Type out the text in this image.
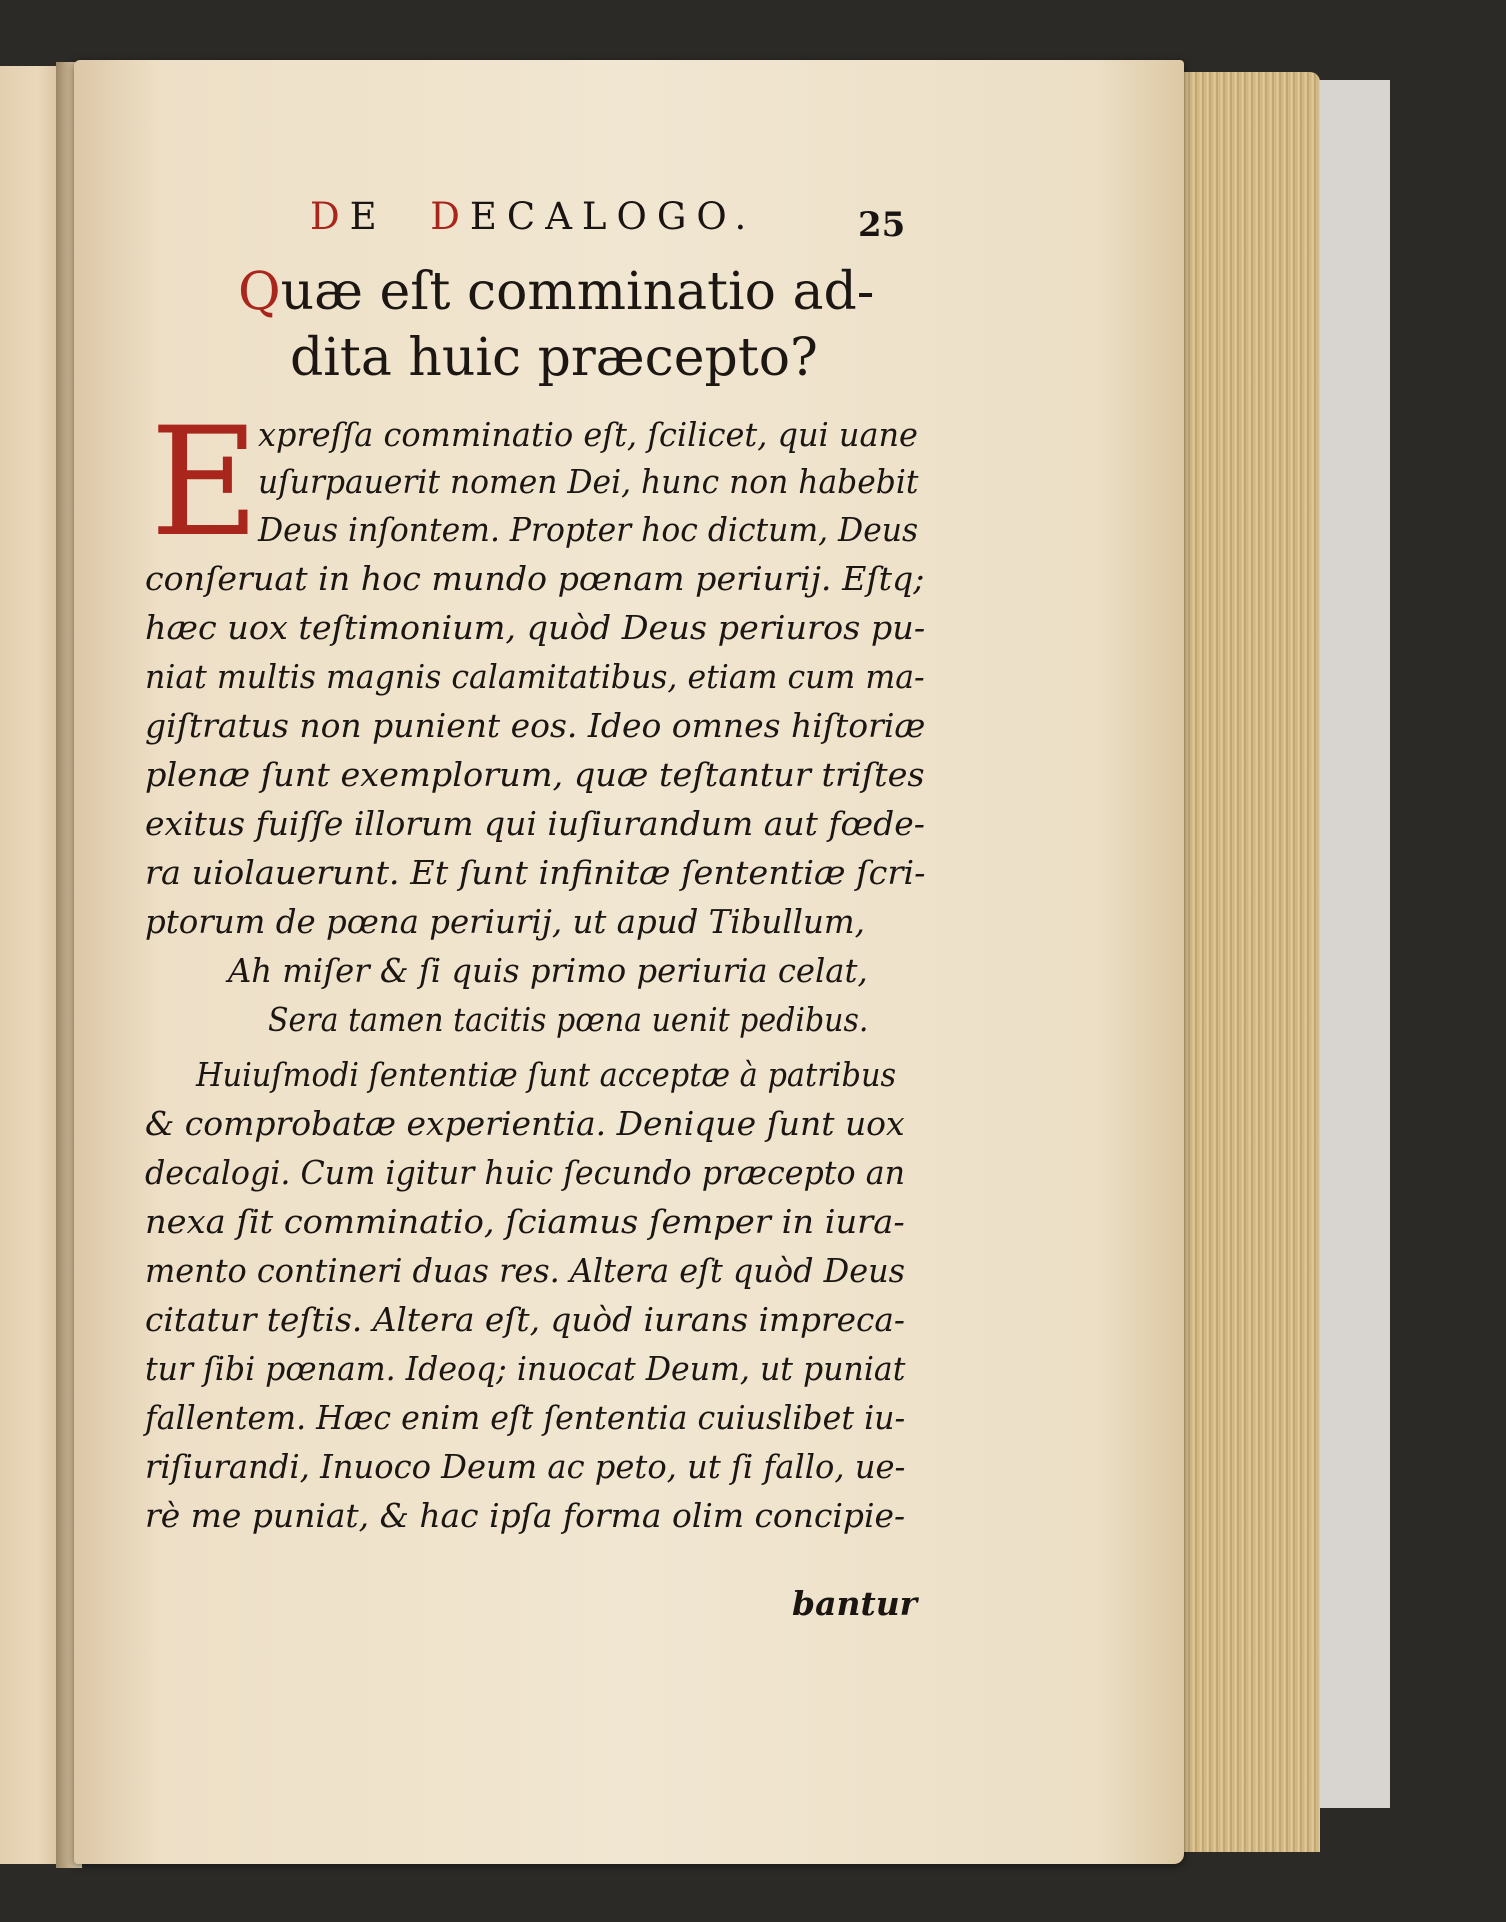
DE DECALOGO.	25
Quæ eſt comminatio ad-
dita huic præcepto?
E
xpreſſa comminatio eſt, ſcilicet, qui uane
uſurpauerit nomen Dei, hunc non habebit
Deus inſontem. Propter hoc dictum, Deus
conſeruat in hoc mundo pœnam periurij. Eſtq;
hæc uox teſtimonium, quòd Deus periuros pu-
niat multis magnis calamitatibus, etiam cum ma-
giſtratus non punient eos. Ideo omnes hiſtoriæ
plenæ ſunt exemplorum, quæ teſtantur triſtes
exitus fuiſſe illorum qui iuſiurandum aut fœde-
ra uiolauerunt. Et ſunt infinitæ ſententiæ ſcri-
ptorum de pœna periurij, ut apud Tibullum,
Ah miſer & ſi quis primo periuria celat,
Sera tamen tacitis pœna uenit pedibus.
Huiuſmodi ſententiæ ſunt acceptæ à patribus
& comprobatæ experientia. Denique ſunt uox
decalogi. Cum igitur huic ſecundo præcepto an
nexa ſit comminatio, ſciamus ſemper in iura-
mento contineri duas res. Altera eſt quòd Deus
citatur teſtis. Altera eſt, quòd iurans impreca-
tur ſibi pœnam. Ideoq; inuocat Deum, ut puniat
fallentem. Hæc enim eſt ſententia cuiuslibet iu-
riſiurandi, Inuoco Deum ac peto, ut ſi fallo, ue-
rè me puniat, & hac ipſa forma olim concipie-
bantur
